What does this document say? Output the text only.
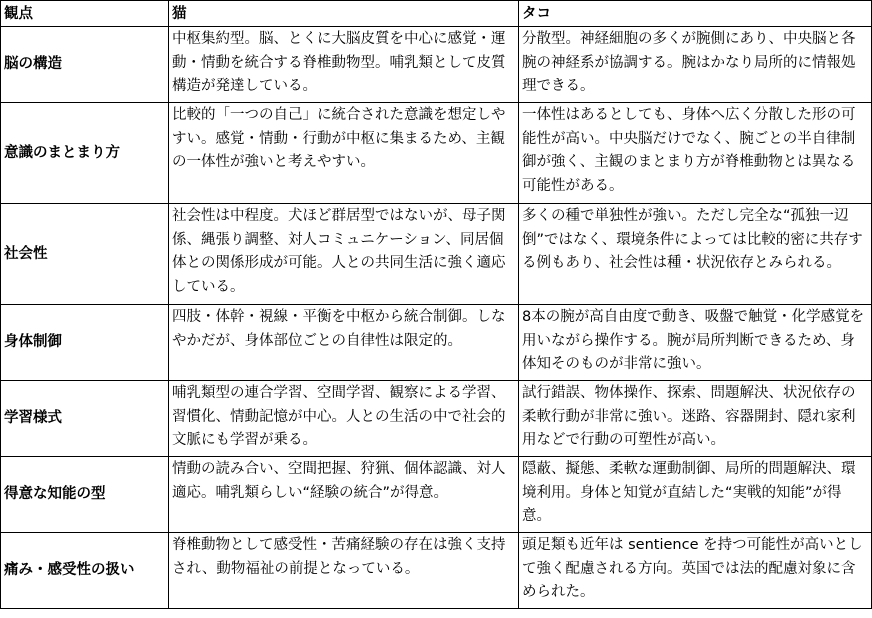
観点	猫	タコ
脳の構造	中枢集約型。脳、とくに大脳皮質を中心に感覚・運動・情動を統合する脊椎動物型。哺乳類として皮質構造が発達している。	分散型。神経細胞の多くが腕側にあり、中央脳と各腕の神経系が協調する。腕はかなり局所的に情報処理できる。
意識のまとまり方	比較的「一つの自己」に統合された意識を想定しやすい。感覚・情動・行動が中枢に集まるため、主観の一体性が強いと考えやすい。	一体性はあるとしても、身体へ広く分散した形の可能性が高い。中央脳だけでなく、腕ごとの半自律制御が強く、主観のまとまり方が脊椎動物とは異なる可能性がある。
社会性	社会性は中程度。犬ほど群居型ではないが、母子関係、縄張り調整、対人コミュニケーション、同居個体との関係形成が可能。人との共同生活に強く適応している。	多くの種で単独性が強い。ただし完全な“孤独一辺倒”ではなく、環境条件によっては比較的密に共存する例もあり、社会性は種・状況依存とみられる。
身体制御	四肢・体幹・視線・平衡を中枢から統合制御。しなやかだが、身体部位ごとの自律性は限定的。	8本の腕が高自由度で動き、吸盤で触覚・化学感覚を用いながら操作する。腕が局所判断できるため、身体知そのものが非常に強い。
学習様式	哺乳類型の連合学習、空間学習、観察による学習、習慣化、情動記憶が中心。人との生活の中で社会的文脈にも学習が乗る。	試行錯誤、物体操作、探索、問題解決、状況依存の柔軟行動が非常に強い。迷路、容器開封、隠れ家利用などで行動の可塑性が高い。
得意な知能の型	情動の読み合い、空間把握、狩猟、個体認識、対人適応。哺乳類らしい“経験の統合”が得意。	隠蔽、擬態、柔軟な運動制御、局所的問題解決、環境利用。身体と知覚が直結した“実戦的知能”が得意。
痛み・感受性の扱い	脊椎動物として感受性・苦痛経験の存在は強く支持され、動物福祉の前提となっている。	頭足類も近年は sentience を持つ可能性が高いとして強く配慮される方向。英国では法的配慮対象に含められた。
